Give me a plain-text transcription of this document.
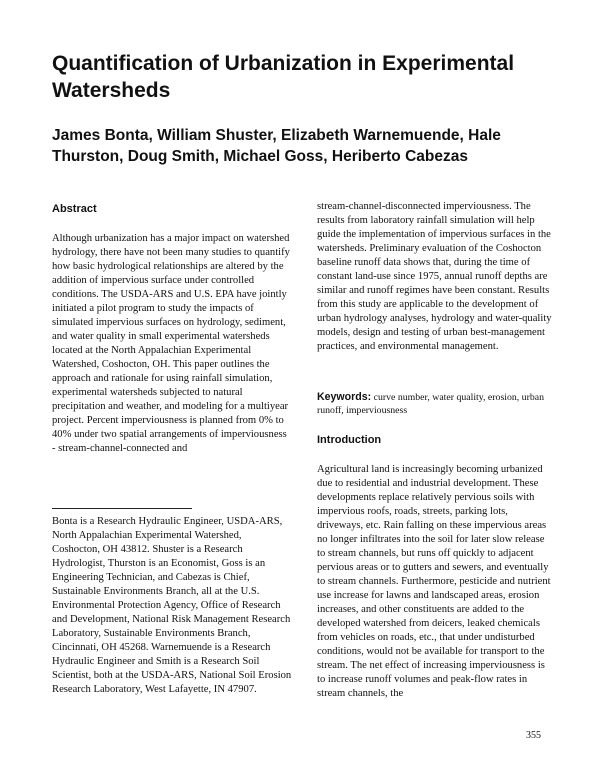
Quantification of Urbanization in Experimental Watersheds
James Bonta, William Shuster, Elizabeth Warnemuende, Hale Thurston, Doug Smith, Michael Goss, Heriberto Cabezas
Abstract

Although urbanization has a major impact on watershed hydrology, there have not been many studies to quantify how basic hydrological relationships are altered by the addition of impervious surface under controlled conditions. The USDA-ARS and U.S. EPA have jointly initiated a pilot program to study the impacts of simulated impervious surfaces on hydrology, sediment, and water quality in small experimental watersheds located at the North Appalachian Experimental Watershed, Coshocton, OH. This paper outlines the approach and rationale for using rainfall simulation, experimental watersheds subjected to natural precipitation and weather, and modeling for a multiyear project. Percent imperviousness is planned from 0% to 40% under two spatial arrangements of imperviousness - stream-channel-connected and

Bonta is a Research Hydraulic Engineer, USDA-ARS, North Appalachian Experimental Watershed, Coshocton, OH 43812. Shuster is a Research Hydrologist, Thurston is an Economist, Goss is an Engineering Technician, and Cabezas is Chief, Sustainable Environments Branch, all at the U.S. Environmental Protection Agency, Office of Research and Development, National Risk Management Research Laboratory, Sustainable Environments Branch, Cincinnati, OH 45268. Warnemuende is a Research Hydraulic Engineer and Smith is a Research Soil Scientist, both at the USDA-ARS, National Soil Erosion Research Laboratory, West Lafayette, IN 47907.

stream-channel-disconnected imperviousness. The results from laboratory rainfall simulation will help guide the implementation of impervious surfaces in the watersheds. Preliminary evaluation of the Coshocton baseline runoff data shows that, during the time of constant land-use since 1975, annual runoff depths are similar and runoff regimes have been constant. Results from this study are applicable to the development of urban hydrology analyses, hydrology and water-quality models, design and testing of urban best-management practices, and environmental management.

Keywords: curve number, water quality, erosion, urban runoff, imperviousness

Introduction

Agricultural land is increasingly becoming urbanized due to residential and industrial development. These developments replace relatively pervious soils with impervious roofs, roads, streets, parking lots, driveways, etc. Rain falling on these impervious areas no longer infiltrates into the soil for later slow release to stream channels, but runs off quickly to adjacent pervious areas or to gutters and sewers, and eventually to stream channels. Furthermore, pesticide and nutrient use increase for lawns and landscaped areas, erosion increases, and other constituents are added to the developed watershed from deicers, leaked chemicals from vehicles on roads, etc., that under undisturbed conditions, would not be available for transport to the stream. The net effect of increasing imperviousness is to increase runoff volumes and peak-flow rates in stream channels, the

355
